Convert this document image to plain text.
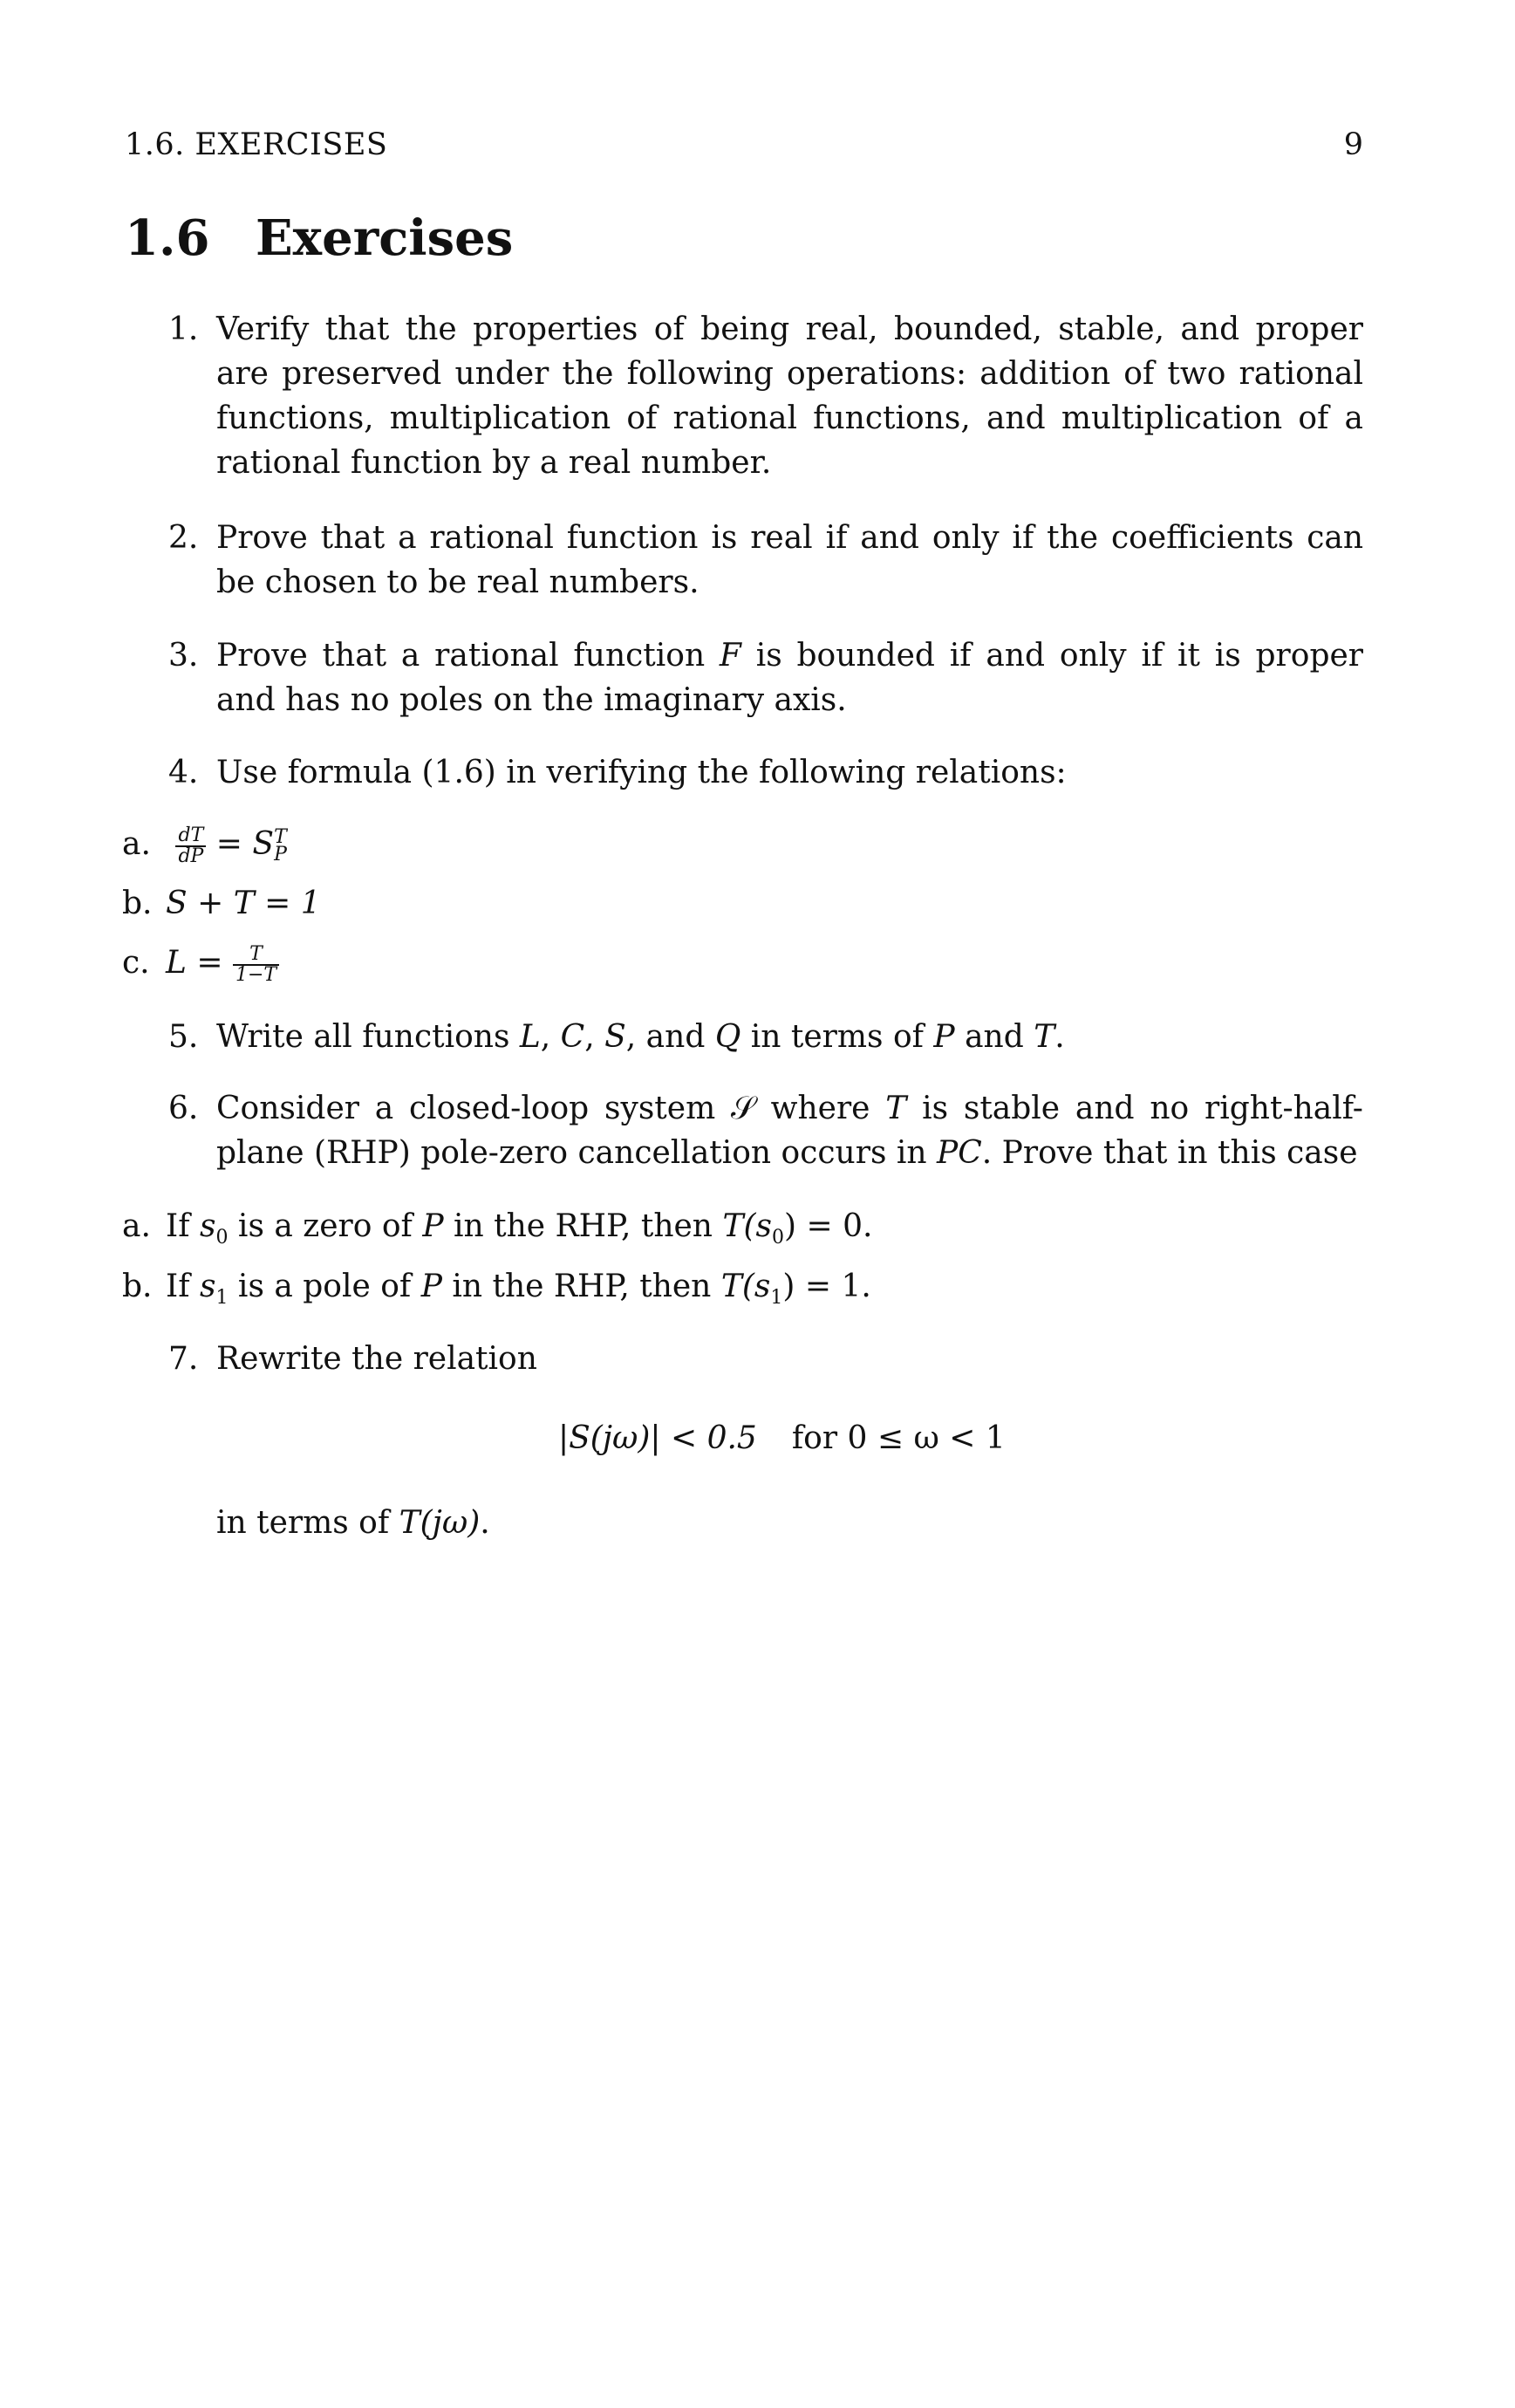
1.6. EXERCISES	9
1.6 Exercises
1. Verify that the properties of being real, bounded, stable, and proper are preserved under the following operations: addition of two rational functions, multiplication of rational functions, and multiplication of a rational function by a real number.

2. Prove that a rational function is real if and only if the coefficients can be chosen to be real numbers.

3. Prove that a rational function F is bounded if and only if it is proper and has no poles on the imaginary axis.

4. Use formula (1.6) in verifying the following relations:

a. $\frac{dT}{dP} = S$ T
P
b. S + T = 1
c. $L = \frac{T}{1-T}$
5. Write all functions L, C, S, and Q in terms of P and T.

6. Consider a closed-loop system 𝒮 where T is stable and no right-half-plane (RHP) pole-zero cancellation occurs in PC. Prove that in this case

a. If $s_0$ is a zero of P in the RHP, then $T(s_0) = 0$.
b. If $s_1$ is a pole of P in the RHP, then $T(s_1) = 1$.
7. Rewrite the relation

|S(jω)| < 0.5 for 0 ≤ ω < 1
in terms of T(jω).
